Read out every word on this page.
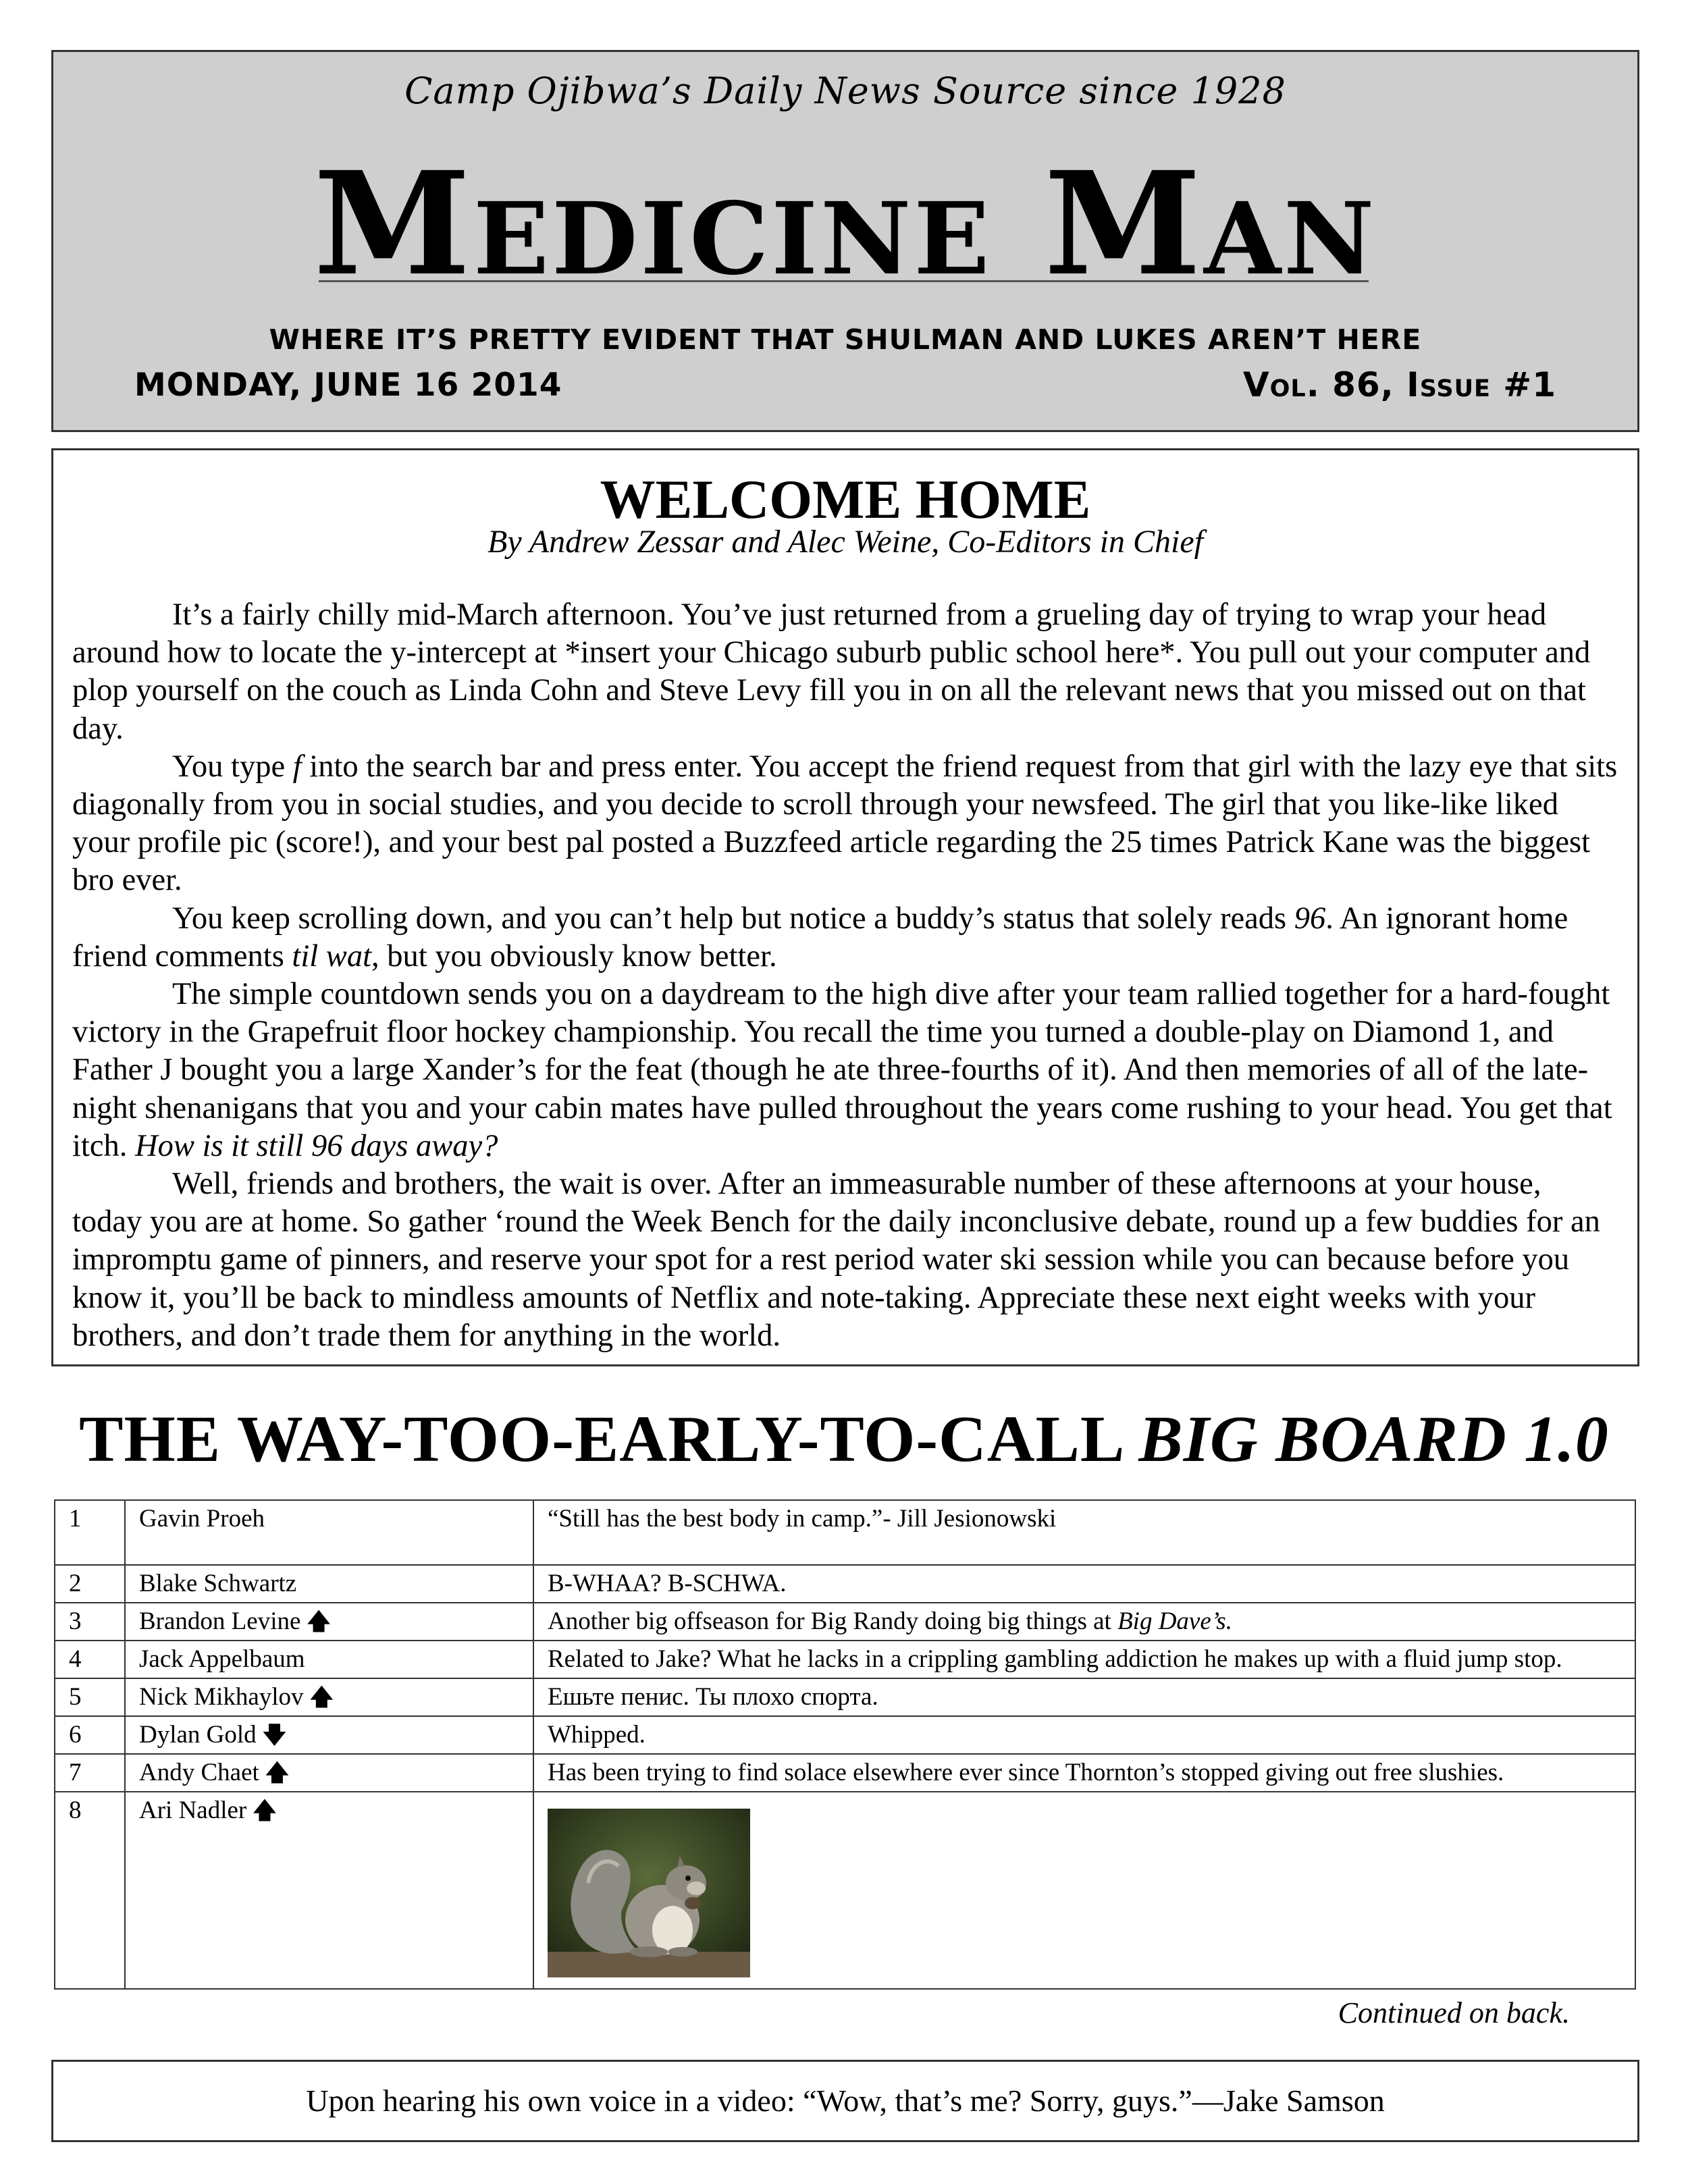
Camp Ojibwa’s Daily News Source since 1928
Medicine Man
WHERE IT’S PRETTY EVIDENT THAT SHULMAN AND LUKES AREN’T HERE
MONDAY, JUNE 16 2014	Vol. 86, Issue #1
WELCOME HOME
By Andrew Zessar and Alec Weine, Co-Editors in Chief

It’s a fairly chilly mid-March afternoon. You’ve just returned from a grueling day of trying to wrap your head around how to locate the y-intercept at *insert your Chicago suburb public school here*. You pull out your computer and plop yourself on the couch as Linda Cohn and Steve Levy fill you in on all the relevant news that you missed out on that day.

You type f into the search bar and press enter. You accept the friend request from that girl with the lazy eye that sits diagonally from you in social studies, and you decide to scroll through your newsfeed. The girl that you like-like liked your profile pic (score!), and your best pal posted a Buzzfeed article regarding the 25 times Patrick Kane was the biggest bro ever.

You keep scrolling down, and you can’t help but notice a buddy’s status that solely reads 96. An ignorant home friend comments til wat, but you obviously know better.

The simple countdown sends you on a daydream to the high dive after your team rallied together for a hard-fought victory in the Grapefruit floor hockey championship. You recall the time you turned a double-play on Diamond 1, and Father J bought you a large Xander’s for the feat (though he ate three-fourths of it). And then memories of all of the late-night shenanigans that you and your cabin mates have pulled throughout the years come rushing to your head. You get that itch. How is it still 96 days away?

Well, friends and brothers, the wait is over. After an immeasurable number of these afternoons at your house, today you are at home. So gather ‘round the Week Bench for the daily inconclusive debate, round up a few buddies for an impromptu game of pinners, and reserve your spot for a rest period water ski session while you can because before you know it, you’ll be back to mindless amounts of Netflix and note-taking. Appreciate these next eight weeks with your brothers, and don’t trade them for anything in the world.

THE WAY-TOO-EARLY-TO-CALL BIG BOARD 1.0
1	Gavin Proeh	“Still has the best body in camp.”- Jill Jesionowski
2	Blake Schwartz	B-WHAA? B-SCHWA.
3	Brandon Levine 🡅	Another big offseason for Big Randy doing big things at Big Dave’s.
4	Jack Appelbaum	Related to Jake? What he lacks in a crippling gambling addiction he makes up with a fluid jump stop.
5	Nick Mikhaylov 🡅	Ешьте пенис. Ты плохо спорта.
6	Dylan Gold 🡇	Whipped.
7	Andy Chaet 🡅	Has been trying to find solace elsewhere ever since Thornton’s stopped giving out free slushies.
8	Ari Nadler 🡅	
Continued on back.
Upon hearing his own voice in a video: “Wow, that’s me? Sorry, guys.”—Jake Samson
